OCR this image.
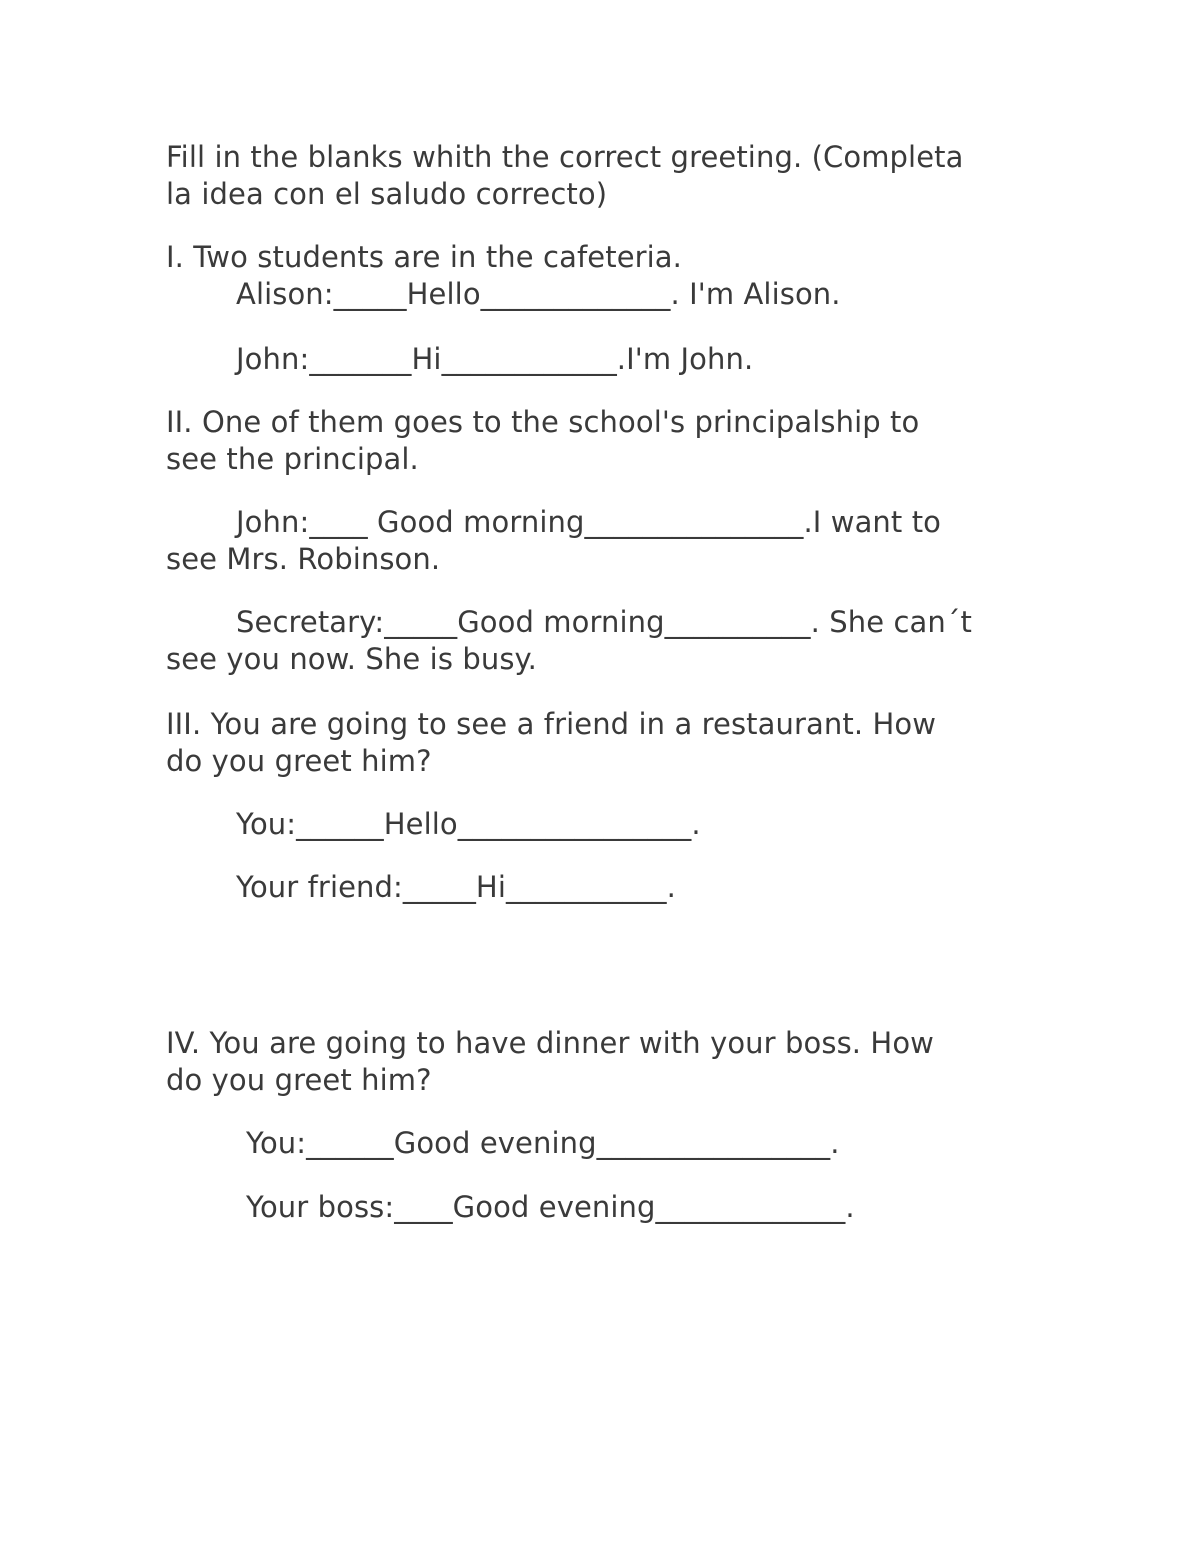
Fill in the blanks whith the correct greeting. (Completa
la idea con el saludo correcto)
I. Two students are in the cafeteria.
Alison:_____Hello_____________. I'm Alison.
John:_______Hi____________.I'm John.
II. One of them goes to the school's principalship to
see the principal.
John:____ Good morning_______________.I want to
see Mrs. Robinson.
Secretary:_____Good morning__________. She can´t
see you now. She is busy.
III. You are going to see a friend in a restaurant. How
do you greet him?
You:______Hello________________.
Your friend:_____Hi___________.
IV. You are going to have dinner with your boss. How
do you greet him?
You:______Good evening________________.
Your boss:____Good evening_____________.
